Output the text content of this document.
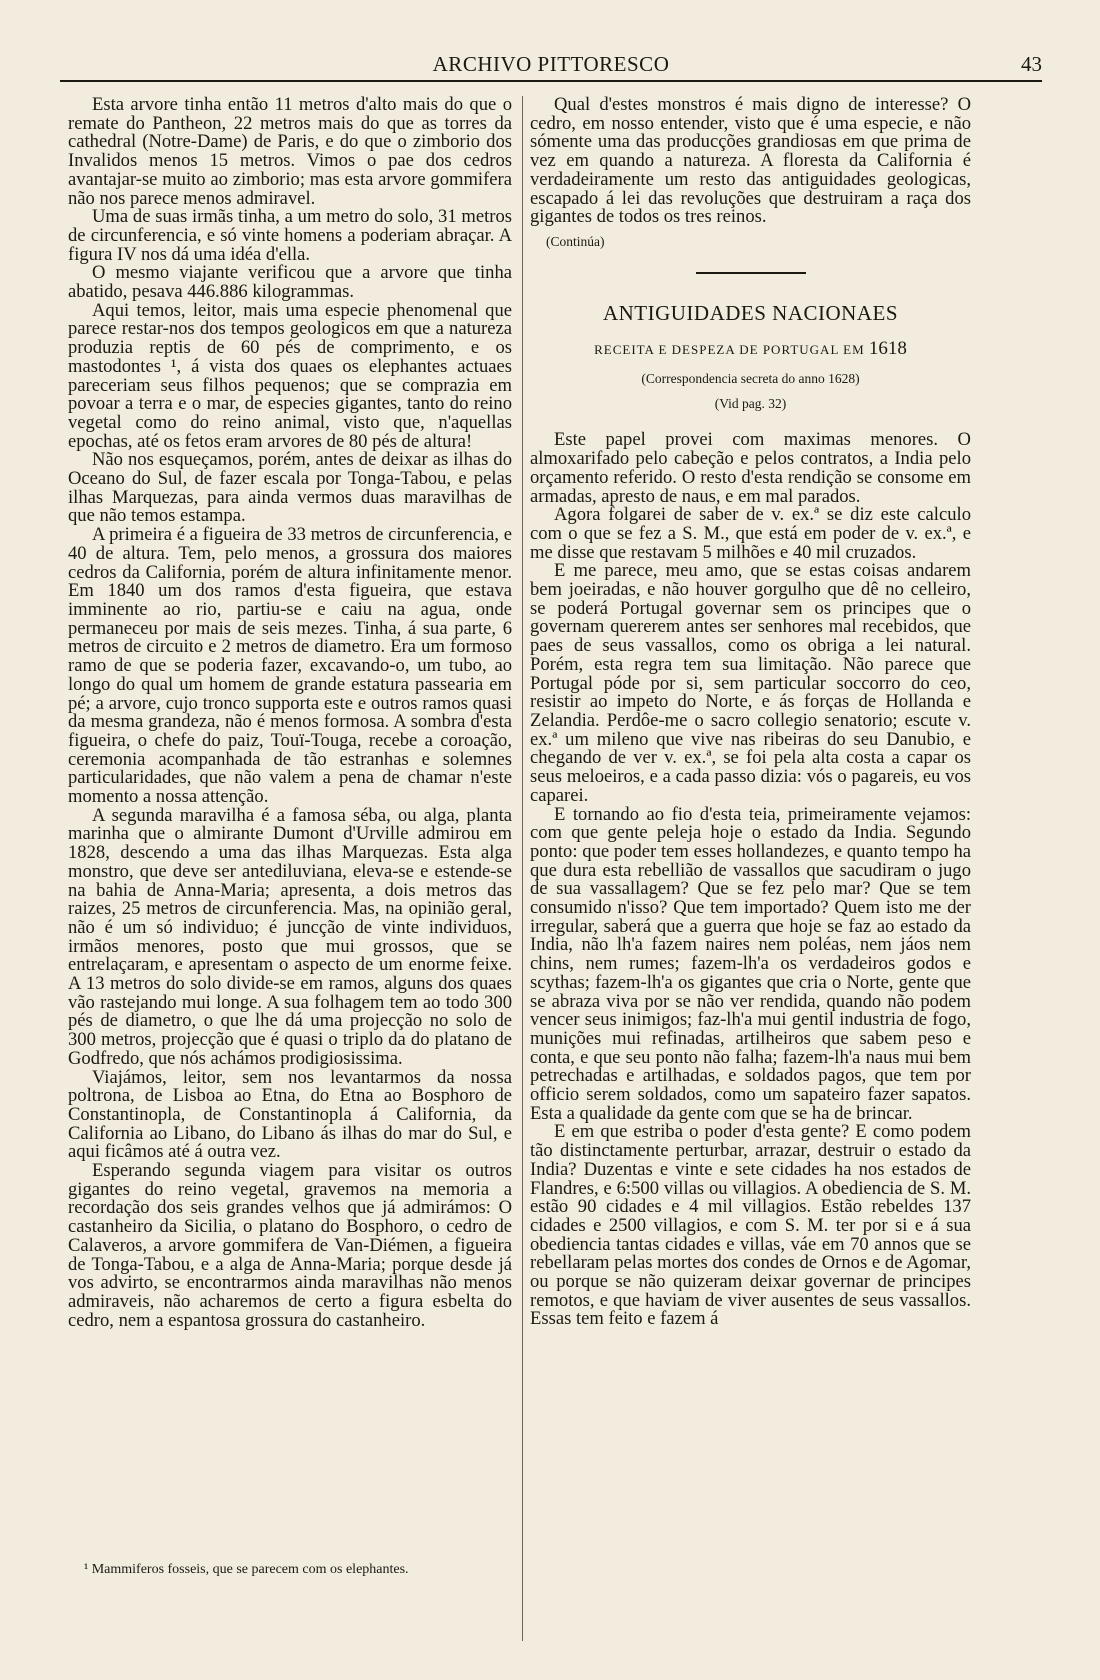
ARCHIVO PITTORESCO	43

Esta arvore tinha então 11 metros d'alto mais do que o remate do Pantheon, 22 metros mais do que as torres da cathedral (Notre-Dame) de Paris, e do que o zimborio dos Invalidos menos 15 metros. Vimos o pae dos cedros avantajar-se muito ao zimborio; mas esta arvore gommifera não nos parece menos admiravel.

Uma de suas irmãs tinha, a um metro do solo, 31 metros de circunferencia, e só vinte homens a poderiam abraçar. A figura IV nos dá uma idéa d'ella.

O mesmo viajante verificou que a arvore que tinha abatido, pesava 446.886 kilogrammas.

Aqui temos, leitor, mais uma especie phenomenal que parece restar-nos dos tempos geologicos em que a natureza produzia reptis de 60 pés de comprimento, e os mastodontes ¹, á vista dos quaes os elephantes actuaes pareceriam seus filhos pequenos; que se comprazia em povoar a terra e o mar, de especies gigantes, tanto do reino vegetal como do reino animal, visto que, n'aquellas epochas, até os fetos eram arvores de 80 pés de altura!

Não nos esqueçamos, porém, antes de deixar as ilhas do Oceano do Sul, de fazer escala por Tonga-Tabou, e pelas ilhas Marquezas, para ainda vermos duas maravilhas de que não temos estampa.

A primeira é a figueira de 33 metros de circunferencia, e 40 de altura. Tem, pelo menos, a grossura dos maiores cedros da California, porém de altura infinitamente menor. Em 1840 um dos ramos d'esta figueira, que estava imminente ao rio, partiu-se e caiu na agua, onde permaneceu por mais de seis mezes. Tinha, á sua parte, 6 metros de circuito e 2 metros de diametro. Era um formoso ramo de que se poderia fazer, excavando-o, um tubo, ao longo do qual um homem de grande estatura passearia em pé; a arvore, cujo tronco supporta este e outros ramos quasi da mesma grandeza, não é menos formosa. A sombra d'esta figueira, o chefe do paiz, Touï-Touga, recebe a coroação, ceremonia acompanhada de tão estranhas e solemnes particularidades, que não valem a pena de chamar n'este momento a nossa attenção.

A segunda maravilha é a famosa séba, ou alga, planta marinha que o almirante Dumont d'Urville admirou em 1828, descendo a uma das ilhas Marquezas. Esta alga monstro, que deve ser antediluviana, eleva-se e estende-se na bahia de Anna-Maria; apresenta, a dois metros das raizes, 25 metros de circunferencia. Mas, na opinião geral, não é um só individuo; é juncção de vinte individuos, irmãos menores, posto que mui grossos, que se entrelaçaram, e apresentam o aspecto de um enorme feixe. A 13 metros do solo divide-se em ramos, alguns dos quaes vão rastejando mui longe. A sua folhagem tem ao todo 300 pés de diametro, o que lhe dá uma projecção no solo de 300 metros, projecção que é quasi o triplo da do platano de Godfredo, que nós achámos prodigiosissima.

Viajámos, leitor, sem nos levantarmos da nossa poltrona, de Lisboa ao Etna, do Etna ao Bosphoro de Constantinopla, de Constantinopla á California, da California ao Libano, do Libano ás ilhas do mar do Sul, e aqui ficâmos até á outra vez.

Esperando segunda viagem para visitar os outros gigantes do reino vegetal, gravemos na memoria a recordação dos seis grandes velhos que já admirámos: O castanheiro da Sicilia, o platano do Bosphoro, o cedro de Calaveros, a arvore gommifera de Van-Diémen, a figueira de Tonga-Tabou, e a alga de Anna-Maria; porque desde já vos advirto, se encontrarmos ainda maravilhas não menos admiraveis, não acharemos de certo a figura esbelta do cedro, nem a espantosa grossura do castanheiro.

¹ Mammiferos fosseis, que se parecem com os elephantes.

Qual d'estes monstros é mais digno de interesse? O cedro, em nosso entender, visto que é uma especie, e não sómente uma das producções grandiosas em que prima de vez em quando a natureza. A floresta da California é verdadeiramente um resto das antiguidades geologicas, escapado á lei das revoluções que destruiram a raça dos gigantes de todos os tres reinos.

(Continúa)
ANTIGUIDADES NACIONAES
RECEITA E DESPEZA DE PORTUGAL EM 1618
(Correspondencia secreta do anno 1628)
(Vid pag. 32)

Este papel provei com maximas menores. O almoxarifado pelo cabeção e pelos contratos, a India pelo orçamento referido. O resto d'esta rendição se consome em armadas, apresto de naus, e em mal parados.

Agora folgarei de saber de v. ex.ª se diz este calculo com o que se fez a S. M., que está em poder de v. ex.ª, e me disse que restavam 5 milhões e 40 mil cruzados.

E me parece, meu amo, que se estas coisas andarem bem joeiradas, e não houver gorgulho que dê no celleiro, se poderá Portugal governar sem os principes que o governam quererem antes ser senhores mal recebidos, que paes de seus vassallos, como os obriga a lei natural. Porém, esta regra tem sua limitação. Não parece que Portugal póde por si, sem particular soccorro do ceo, resistir ao impeto do Norte, e ás forças de Hollanda e Zelandia. Perdôe-me o sacro collegio senatorio; escute v. ex.ª um mileno que vive nas ribeiras do seu Danubio, e chegando de ver v. ex.ª, se foi pela alta costa a capar os seus meloeiros, e a cada passo dizia: vós o pagareis, eu vos caparei.

E tornando ao fio d'esta teia, primeiramente vejamos: com que gente peleja hoje o estado da India. Segundo ponto: que poder tem esses hollandezes, e quanto tempo ha que dura esta rebellião de vassallos que sacudiram o jugo de sua vassallagem? Que se fez pelo mar? Que se tem consumido n'isso? Que tem importado? Quem isto me der irregular, saberá que a guerra que hoje se faz ao estado da India, não lh'a fazem naires nem poléas, nem jáos nem chins, nem rumes; fazem-lh'a os verdadeiros godos e scythas; fazem-lh'a os gigantes que cria o Norte, gente que se abraza viva por se não ver rendida, quando não podem vencer seus inimigos; faz-lh'a mui gentil industria de fogo, munições mui refinadas, artilheiros que sabem peso e conta, e que seu ponto não falha; fazem-lh'a naus mui bem petrechadas e artilhadas, e soldados pagos, que tem por officio serem soldados, como um sapateiro fazer sapatos. Esta a qualidade da gente com que se ha de brincar.

E em que estriba o poder d'esta gente? E como podem tão distinctamente perturbar, arrazar, destruir o estado da India? Duzentas e vinte e sete cidades ha nos estados de Flandres, e 6:500 villas ou villagios. A obediencia de S. M. estão 90 cidades e 4 mil villagios. Estão rebeldes 137 cidades e 2500 villagios, e com S. M. ter por si e á sua obediencia tantas cidades e villas, váe em 70 annos que se rebellaram pelas mortes dos condes de Ornos e de Agomar, ou porque se não quizeram deixar governar de principes remotos, e que haviam de viver ausentes de seus vassallos. Essas tem feito e fazem á
